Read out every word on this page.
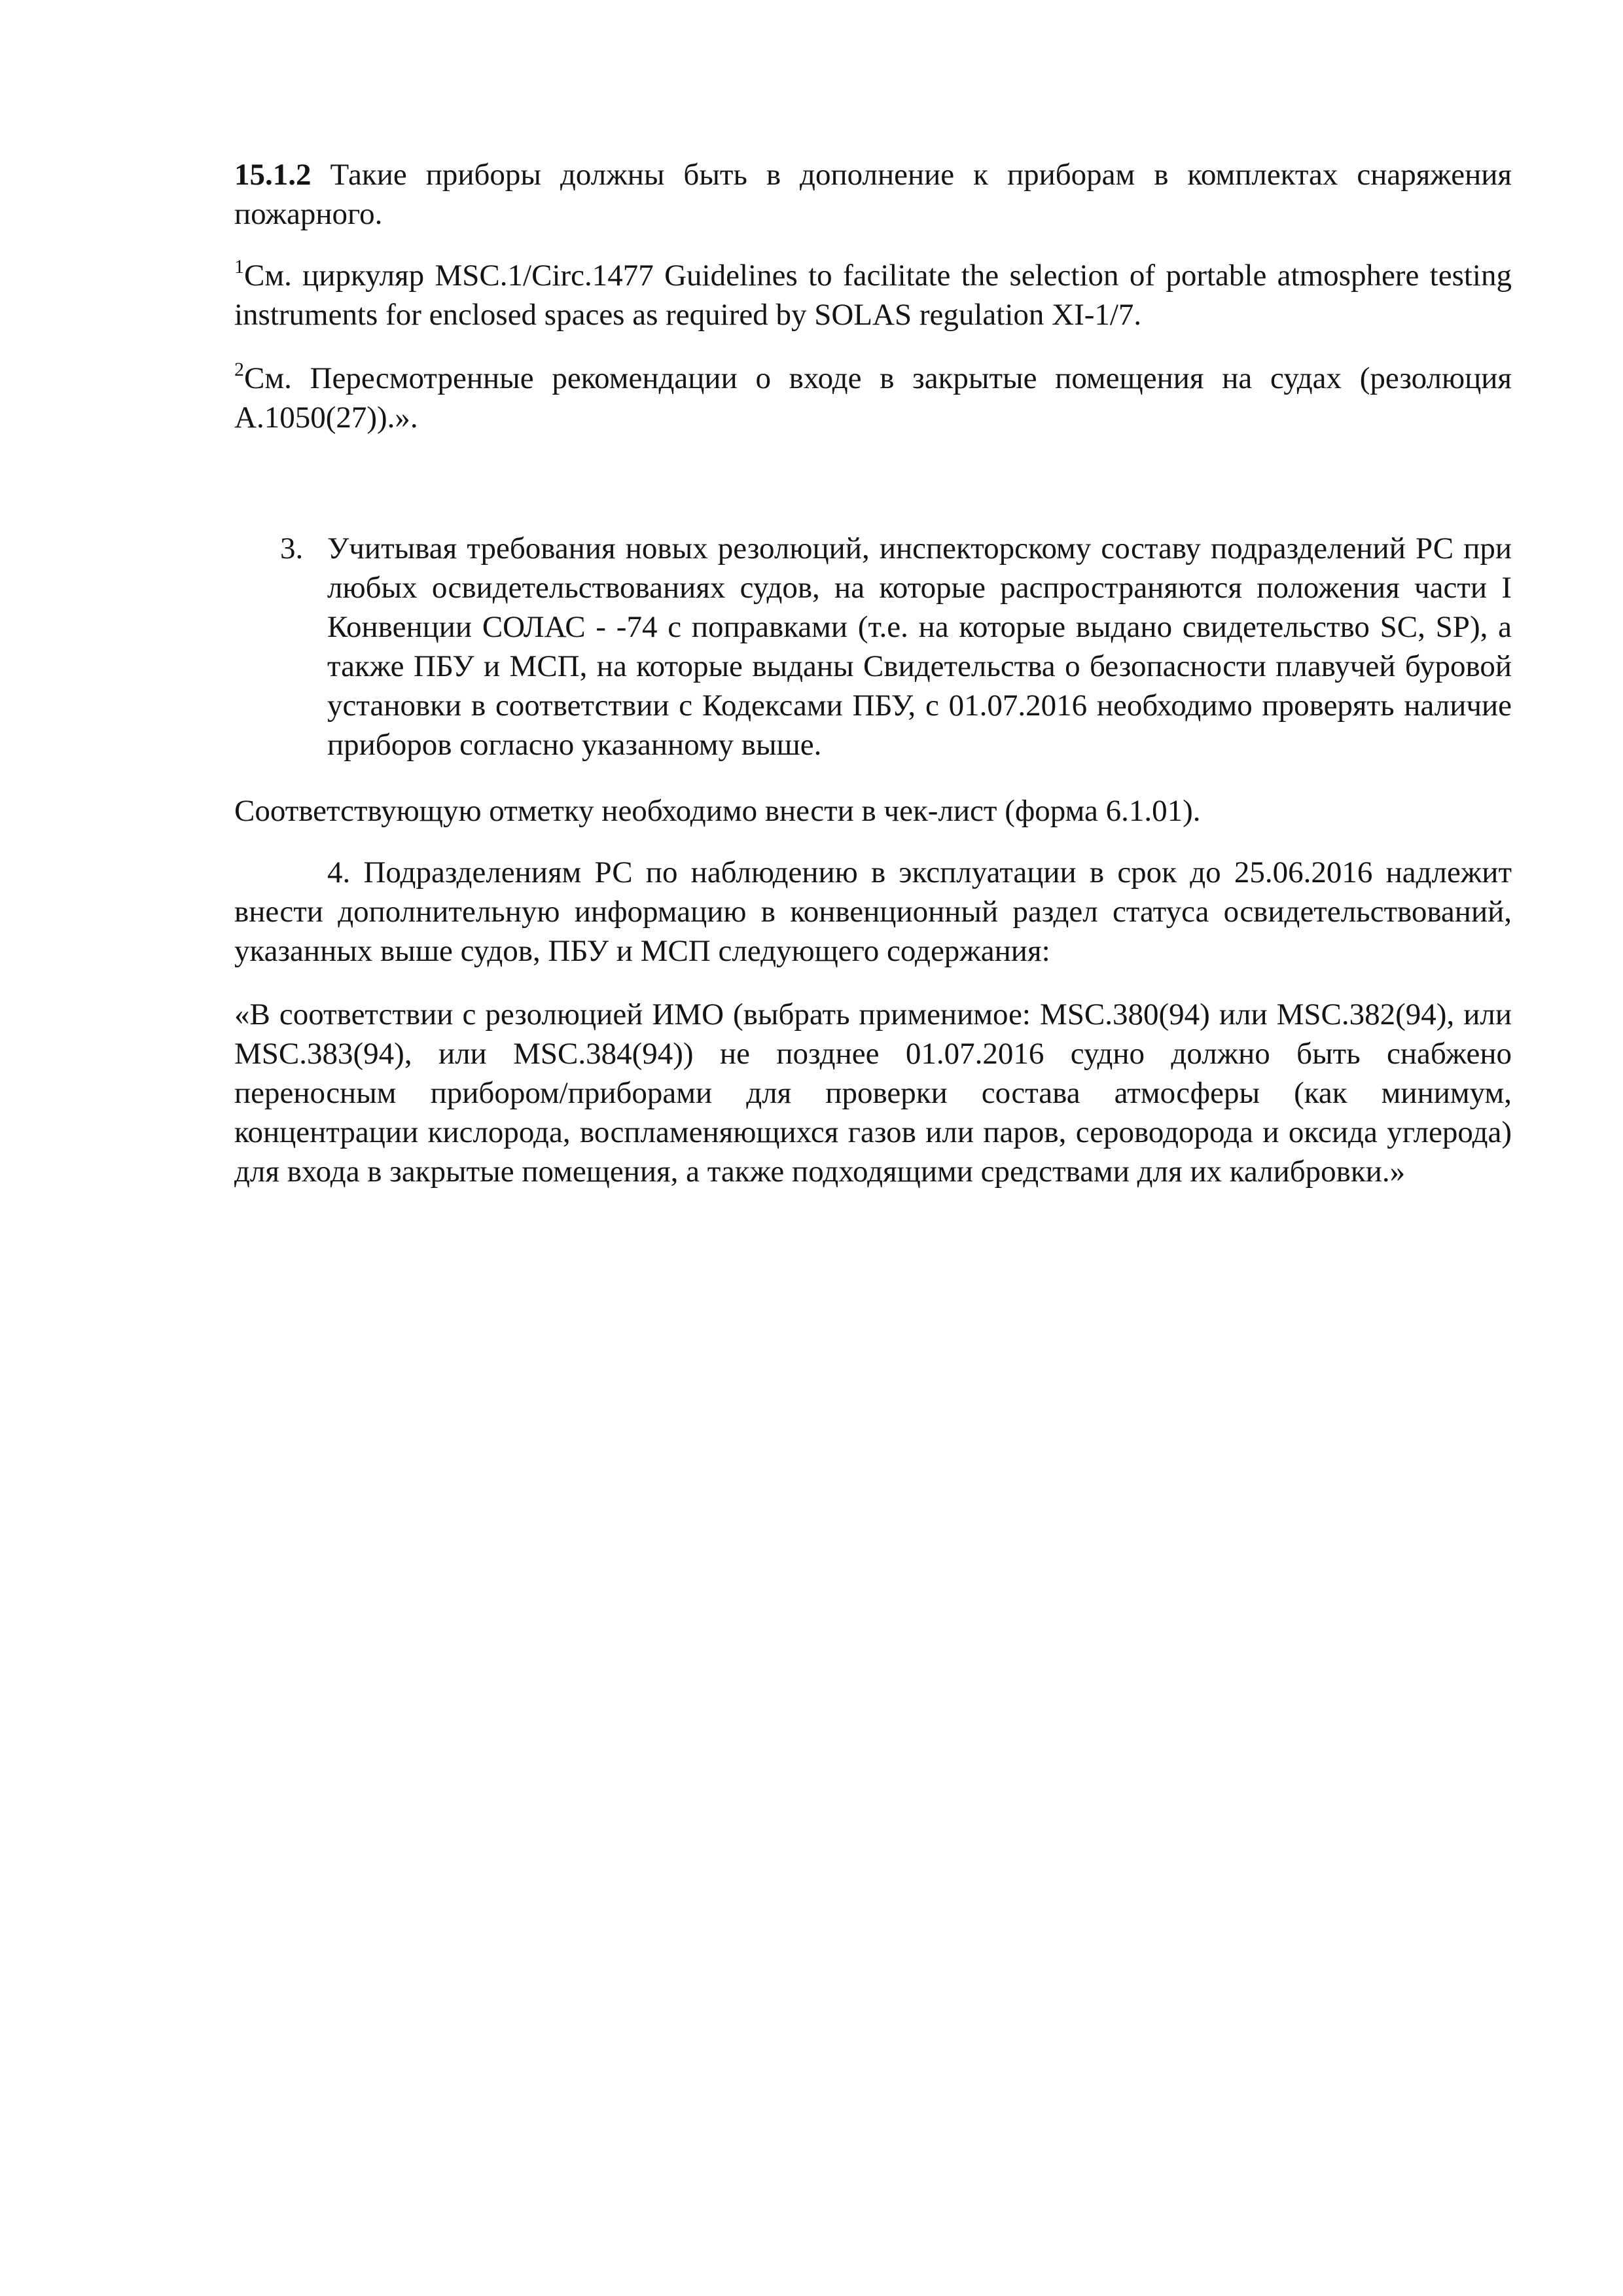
15.1.2 Такие приборы должны быть в дополнение к приборам в комплектах снаряжения пожарного.
$^1$См. циркуляр MSC.1/Circ.1477 Guidelines to facilitate the selection of portable atmosphere testing instruments for enclosed spaces as required by SOLAS regulation XI-1/7.
$^2$См. Пересмотренные рекомендации о входе в закрытые помещения на судах (резолюция А.1050(27)).».
3. Учитывая требования новых резолюций, инспекторскому составу подразделений РС при любых освидетельствованиях судов, на которые распространяются положения части I Конвенции СОЛАС - -74 с поправками (т.е. на которые выдано свидетельство SC, SP), а также ПБУ и МСП, на которые выданы Свидетельства о безопасности плавучей буровой установки в соответствии с Кодексами ПБУ, с 01.07.2016 необходимо проверять наличие приборов согласно указанному выше.
Соответствующую отметку необходимо внести в чек-лист (форма 6.1.01).
4. Подразделениям РС по наблюдению в эксплуатации в срок до 25.06.2016 надлежит внести дополнительную информацию в конвенционный раздел статуса освидетельствований, указанных выше судов, ПБУ и МСП следующего содержания:
«В соответствии с резолюцией ИМО (выбрать применимое: MSC.380(94) или MSC.382(94), или MSC.383(94), или MSC.384(94)) не позднее 01.07.2016 судно должно быть снабжено переносным прибором/приборами для проверки состава атмосферы (как минимум, концентрации кислорода, воспламеняющихся газов или паров, сероводорода и оксида углерода) для входа в закрытые помещения, а также подходящими средствами для их калибровки.»
